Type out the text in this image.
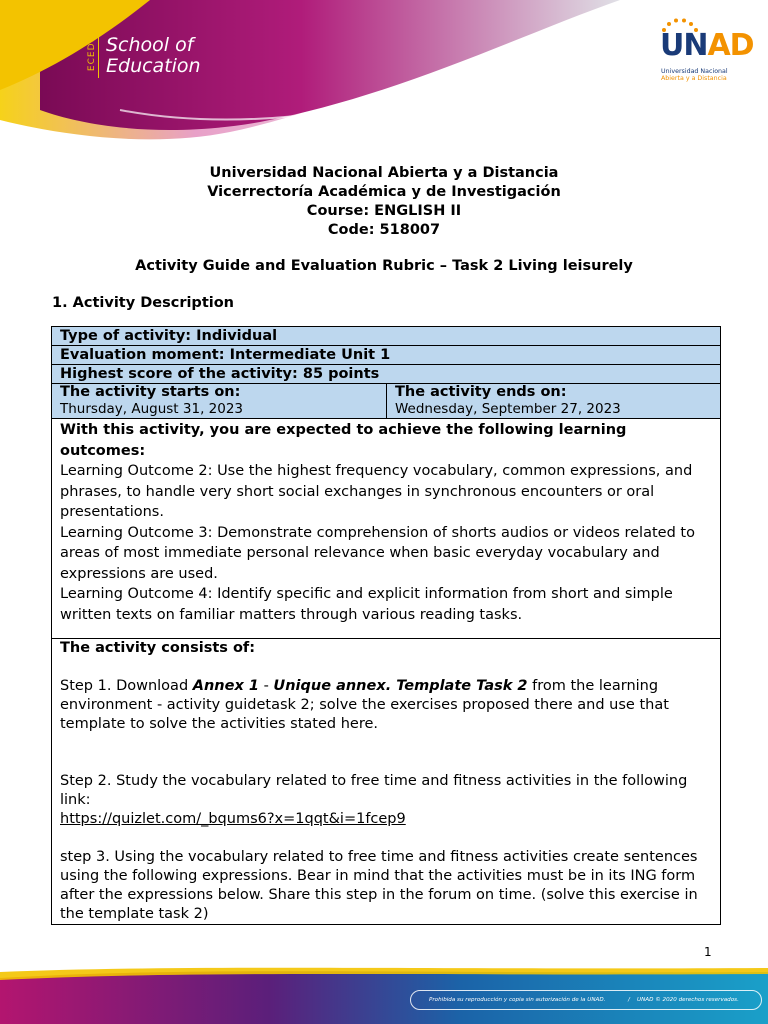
ECEDU School of
Education
UNAD
Universidad Nacional
Abierta y a Distancia
Universidad Nacional Abierta y a Distancia
Vicerrectoría Académica y de Investigación
Course: ENGLISH II
Code: 518007
Activity Guide and Evaluation Rubric – Task 2 Living leisurely
1. Activity Description
Type of activity: Individual
Evaluation moment: Intermediate Unit 1
Highest score of the activity: 85 points

The activity starts on:
Thursday, August 31, 2023

The activity ends on:
Wednesday, September 27, 2023

With this activity, you are expected to achieve the following learning outcomes:
Learning Outcome 2: Use the highest frequency vocabulary, common expressions, and phrases, to handle very short social exchanges in synchronous encounters or oral presentations.
Learning Outcome 3: Demonstrate comprehension of shorts audios or videos related to areas of most immediate personal relevance when basic everyday vocabulary and expressions are used.
Learning Outcome 4: Identify specific and explicit information from short and simple written texts on familiar matters through various reading tasks.

The activity consists of:

Step 1. Download Annex 1 - Unique annex. Template Task 2 from the learning environment - activity guidetask 2; solve the exercises proposed there and use that template to solve the activities stated here.

Step 2. Study the vocabulary related to free time and fitness activities in the following link:

https://quizlet.com/_bqums6?x=1qqt&i=1fcep9

step 3. Using the vocabulary related to free time and fitness activities create sentences using the following expressions. Bear in mind that the activities must be in its ING form after the expressions below. Share this step in the forum on time. (solve this exercise in the template task 2)

1
Prohibida su reproducción y copia sin autorización de la UNAD.	/ UNAD © 2020 derechos reservados.
